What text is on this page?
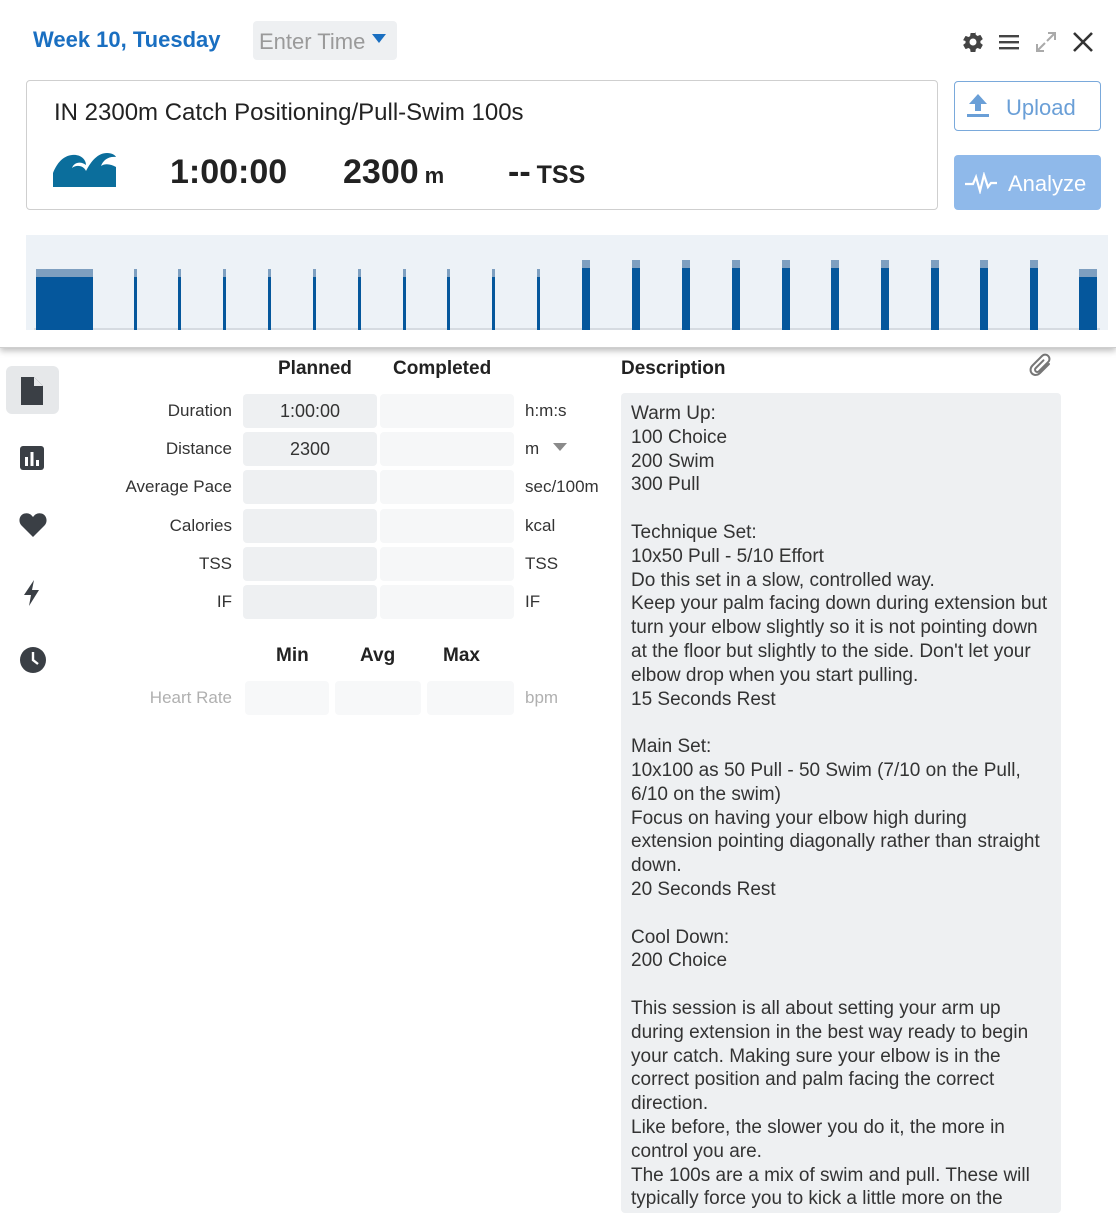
Week 10, Tuesday Enter Time
IN 2300m Catch Positioning/Pull-Swim 100s
1:00:00 2300 m -- TSS
Upload
Analyze
Planned Completed
Duration	1:00:00	h:m:s
Distance	2300	m
Average Pace	sec/100m
Calories	kcal
TSS	TSS
IF	IF
Min	Avg	Max
Heart Rate	bpm
Description
Warm Up:
100 Choice
200 Swim
300 Pull

Technique Set:
10x50 Pull - 5/10 Effort
Do this set in a slow, controlled way.
Keep your palm facing down during extension but turn your elbow slightly so it is not pointing down at the floor but slightly to the side. Don't let your elbow drop when you start pulling.
15 Seconds Rest

Main Set:
10x100 as 50 Pull - 50 Swim (7/10 on the Pull, 6/10 on the swim)
Focus on having your elbow high during extension pointing diagonally rather than straight down.
20 Seconds Rest

Cool Down:
200 Choice

This session is all about setting your arm up during extension in the best way ready to begin your catch. Making sure your elbow is in the correct position and palm facing the correct direction.
Like before, the slower you do it, the more in control you are.
The 100s are a mix of swim and pull. These will typically force you to kick a little more on the
